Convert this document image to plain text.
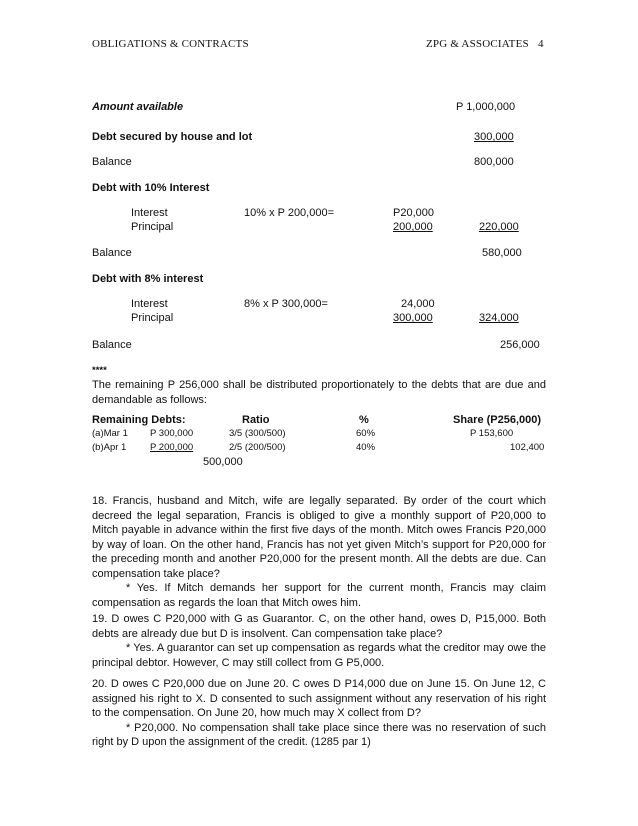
OBLIGATIONS & CONTRACTS	ZPG & ASSOCIATES 4
Amount available	P 1,000,000
Debt secured by house and lot	300,000
Balance	800,000
Debt with 10% Interest
Interest	10% x P 200,000=	P20,000
Principal	200,000	220,000
Balance	580,000
Debt with 8% interest
Interest	8% x P 300,000=	24,000
Principal	300,000	324,000
Balance	256,000
****
The remaining P 256,000 shall be distributed proportionately to the debts that are due and demandable as follows:
Remaining Debts:	Ratio	%	Share (P256,000)
(a)Mar 1 P 300,000	3/5 (300/500)	60%	P 153,600
(b)Apr 1 P 200,000	2/5 (200/500)	40%	102,400
500,000

18. Francis, husband and Mitch, wife are legally separated. By order of the court which decreed the legal separation, Francis is obliged to give a monthly support of P20,000 to Mitch payable in advance within the first five days of the month. Mitch owes Francis P20,000 by way of loan. On the other hand, Francis has not yet given Mitch’s support for P20,000 for the preceding month and another P20,000 for the present month. All the debts are due. Can compensation take place?

* Yes. If Mitch demands her support for the current month, Francis may claim compensation as regards the loan that Mitch owes him.

19. D owes C P20,000 with G as Guarantor. C, on the other hand, owes D, P15,000. Both debts are already due but D is insolvent. Can compensation take place?

* Yes. A guarantor can set up compensation as regards what the creditor may owe the principal debtor. However, C may still collect from G P5,000.

20. D owes C P20,000 due on June 20. C owes D P14,000 due on June 15. On June 12, C assigned his right to X. D consented to such assignment without any reservation of his right to the compensation. On June 20, how much may X collect from D?

* P20,000. No compensation shall take place since there was no reservation of such right by D upon the assignment of the credit. (1285 par 1)
